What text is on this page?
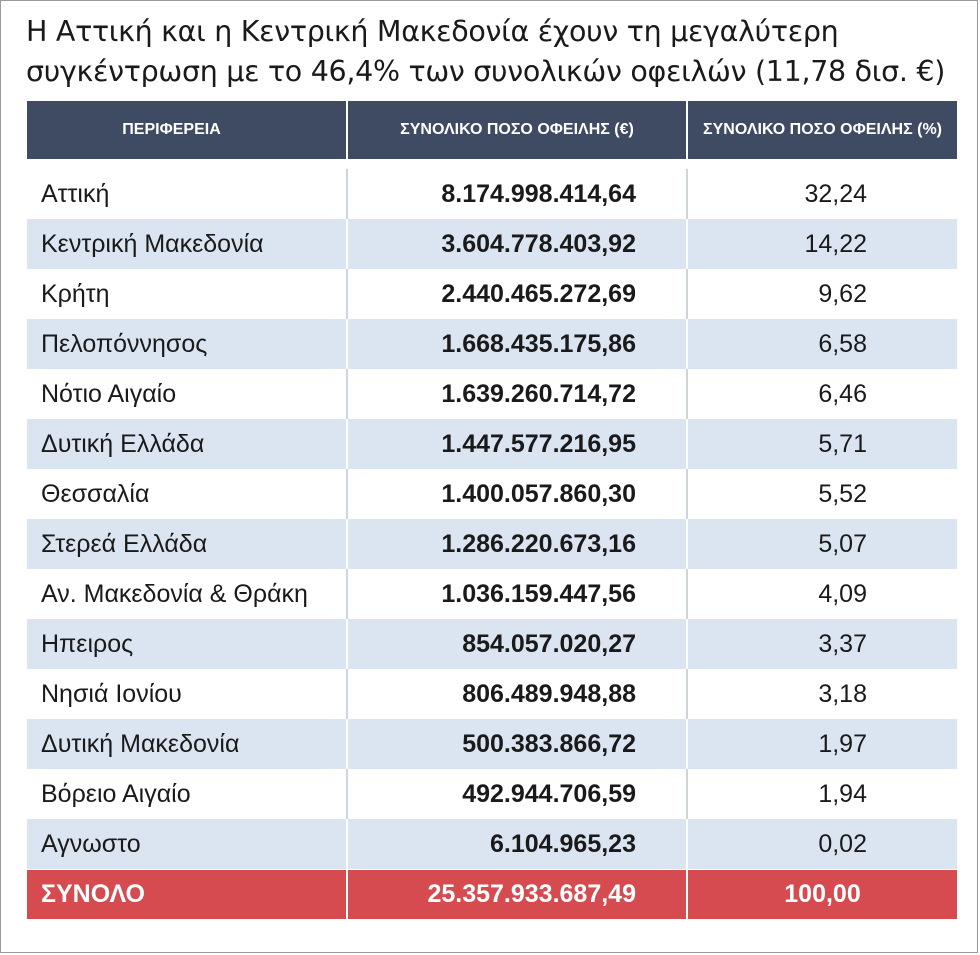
Η Αττική και η Κεντρική Μακεδονία έχουν τη μεγαλύτερη
συγκέντρωση με το 46,4% των συνολικών οφειλών (11,78 δισ. €)
ΠΕΡΙΦΕΡΕΙΑ	ΣΥΝΟΛΙΚΟ ΠΟΣΟ ΟΦΕΙΛΗΣ (€)	ΣΥΝΟΛΙΚΟ ΠΟΣΟ ΟΦΕΙΛΗΣ (%)
Αττική	8.174.998.414,64	32,24
Κεντρική Μακεδονία	3.604.778.403,92	14,22
Κρήτη	2.440.465.272,69	9,62
Πελοπόννησος	1.668.435.175,86	6,58
Νότιο Αιγαίο	1.639.260.714,72	6,46
Δυτική Ελλάδα	1.447.577.216,95	5,71
Θεσσαλία	1.400.057.860,30	5,52
Στερεά Ελλάδα	1.286.220.673,16	5,07
Αν. Μακεδονία & Θράκη	1.036.159.447,56	4,09
Ηπειρος	854.057.020,27	3,37
Νησιά Ιονίου	806.489.948,88	3,18
Δυτική Μακεδονία	500.383.866,72	1,97
Βόρειο Αιγαίο	492.944.706,59	1,94
Αγνωστο	6.104.965,23	0,02
ΣΥΝΟΛΟ	25.357.933.687,49	100,00
